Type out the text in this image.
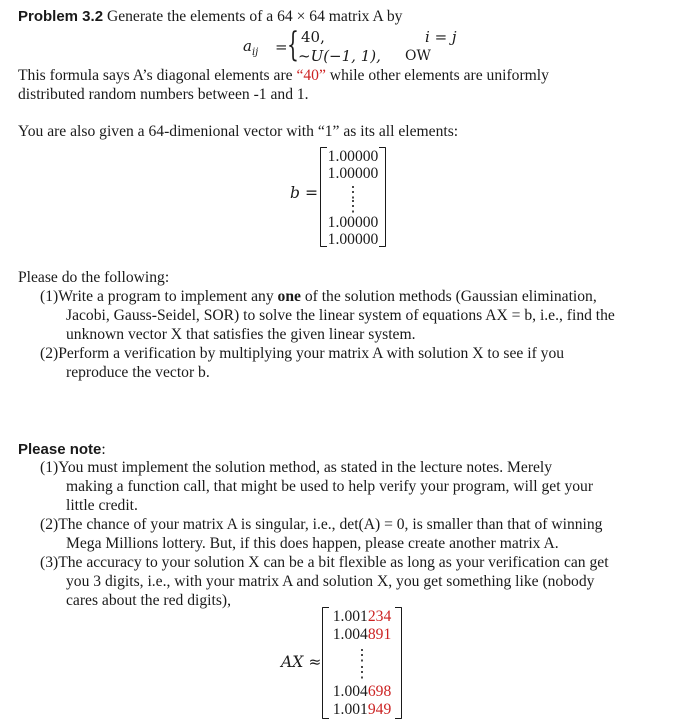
Problem 3.2 Generate the elements of a 64 × 64 matrix A by
$a_{ij}$ = { 40,	i = j
~U(−1, 1), OW
This formula says A’s diagonal elements are “40” while other elements are uniformly
distributed random numbers between -1 and 1.
You are also given a 64-dimenional vector with “1” as its all elements:
b =
1.00000
1.00000
⋮
⋮
1.00000
1.00000
Please do the following:
(1)Write a program to implement any one of the solution methods (Gaussian elimination,
Jacobi, Gauss-Seidel, SOR) to solve the linear system of equations AX = b, i.e., find the
unknown vector X that satisfies the given linear system.
(2)Perform a verification by multiplying your matrix A with solution X to see if you
reproduce the vector b.
Please note:
(1)You must implement the solution method, as stated in the lecture notes. Merely
making a function call, that might be used to help verify your program, will get your
little credit.
(2)The chance of your matrix A is singular, i.e., det(A) = 0, is smaller than that of winning
Mega Millions lottery. But, if this does happen, please create another matrix A.
(3)The accuracy to your solution X can be a bit flexible as long as your verification can get
you 3 digits, i.e., with your matrix A and solution X, you get something like (nobody
cares about the red digits),
AX ≈
1.001234
1.004891
⋮
⋮
1.004698
1.001949
